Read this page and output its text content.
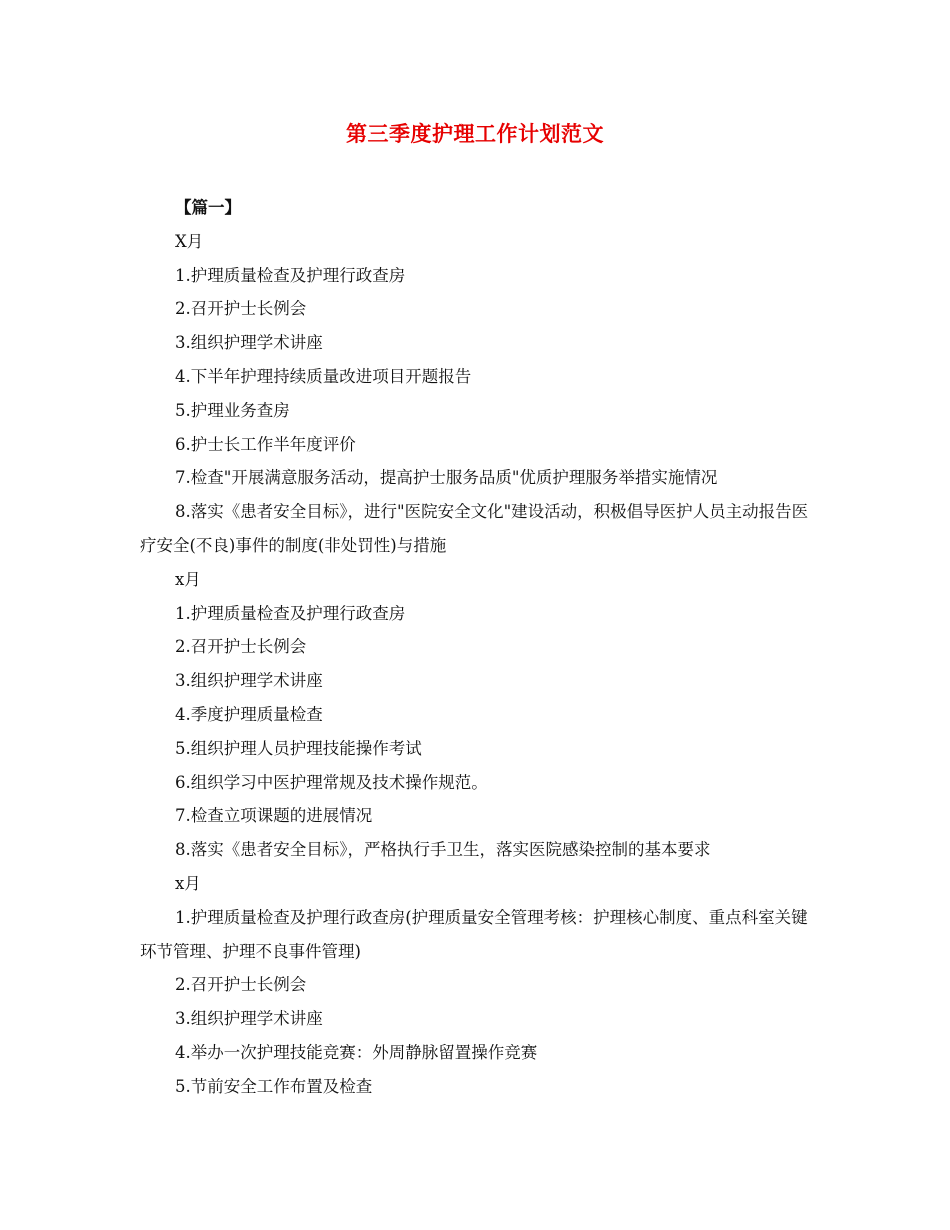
第三季度护理工作计划范文
【篇一】
X月
1.护理质量检查及护理行政查房
2.召开护士长例会
3.组织护理学术讲座
4.下半年护理持续质量改进项目开题报告
5.护理业务查房
6.护士长工作半年度评价
7.检查"开展满意服务活动，提高护士服务品质"优质护理服务举措实施情况

8.落实《患者安全目标》，进行"医院安全文化"建设活动，积极倡导医护人员主动报告医疗安全(不良)事件的制度(非处罚性)与措施

x月
1.护理质量检查及护理行政查房
2.召开护士长例会
3.组织护理学术讲座
4.季度护理质量检查
5.组织护理人员护理技能操作考试
6.组织学习中医护理常规及技术操作规范。
7.检查立项课题的进展情况
8.落实《患者安全目标》，严格执行手卫生，落实医院感染控制的基本要求
x月

1.护理质量检查及护理行政查房(护理质量安全管理考核：护理核心制度、重点科室关键环节管理、护理不良事件管理)

2.召开护士长例会
3.组织护理学术讲座
4.举办一次护理技能竞赛：外周静脉留置操作竞赛
5.节前安全工作布置及检查
